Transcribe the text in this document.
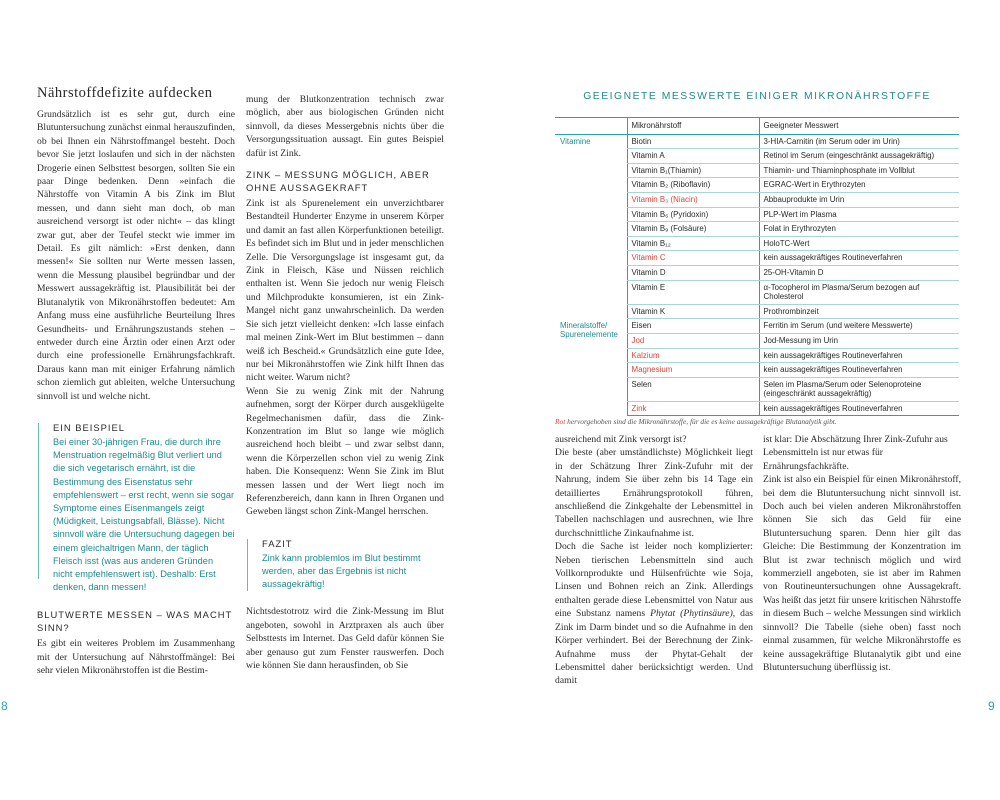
Nährstoffdefizite aufdecken

Grundsätzlich ist es sehr gut, durch eine Blutuntersuchung zunächst einmal herauszufinden, ob bei Ihnen ein Nährstoffmangel besteht. Doch bevor Sie jetzt loslaufen und sich in der nächsten Drogerie einen Selbsttest besorgen, sollten Sie ein paar Dinge bedenken. Denn »einfach die Nährstoffe von Vitamin A bis Zink im Blut messen, und dann sieht man doch, ob man ausreichend versorgt ist oder nicht« – das klingt zwar gut, aber der Teufel steckt wie immer im Detail. Es gilt nämlich: »Erst denken, dann messen!« Sie sollten nur Werte messen lassen, wenn die Messung plausibel begründbar und der Messwert aussagekräftig ist. Plausibilität bei der Blutanalytik von Mikronährstoffen bedeutet: Am Anfang muss eine ausführliche Beurteilung Ihres Gesundheits- und Ernährungszustands stehen – entweder durch eine Ärztin oder einen Arzt oder durch eine professionelle Ernährungsfachkraft. Daraus kann man mit einiger Erfahrung nämlich schon ziemlich gut ableiten, welche Untersuchung sinnvoll ist und welche nicht.

EIN BEISPIEL
Bei einer 30-jährigen Frau, die durch ihre Menstruation regelmäßig Blut verliert und die sich vegetarisch ernährt, ist die Bestimmung des Eisenstatus sehr empfehlenswert – erst recht, wenn sie sogar Symptome eines Eisenmangels zeigt (Müdigkeit, Leistungsabfall, Blässe). Nicht sinnvoll wäre die Untersuchung dagegen bei einem gleichaltrigen Mann, der täglich Fleisch isst (was aus anderen Gründen nicht empfehlenswert ist). Deshalb: Erst denken, dann messen!
BLUTWERTE MESSEN – WAS MACHT SINN?

Es gibt ein weiteres Problem im Zusammenhang mit der Untersuchung auf Nährstoffmängel: Bei sehr vielen Mikronährstoffen ist die Bestim-

mung der Blutkonzentration technisch zwar möglich, aber aus biologischen Gründen nicht sinnvoll, da dieses Messergebnis nichts über die Versorgungssituation aussagt. Ein gutes Beispiel dafür ist Zink.

ZINK – MESSUNG MÖGLICH, ABER OHNE AUSSAGEKRAFT

Zink ist als Spurenelement ein unverzichtbarer Bestandteil Hunderter Enzyme in unserem Körper und damit an fast allen Körperfunktionen beteiligt. Es befindet sich im Blut und in jeder menschlichen Zelle. Die Versorgungslage ist insgesamt gut, da Zink in Fleisch, Käse und Nüssen reichlich enthalten ist. Wenn Sie jedoch nur wenig Fleisch und Milchprodukte konsumieren, ist ein Zink-Mangel nicht ganz unwahrscheinlich. Da werden Sie sich jetzt vielleicht denken: »Ich lasse einfach mal meinen Zink-Wert im Blut bestimmen – dann weiß ich Bescheid.« Grundsätzlich eine gute Idee, nur bei Mikronährstoffen wie Zink hilft Ihnen das nicht weiter. Warum nicht?

Wenn Sie zu wenig Zink mit der Nahrung aufnehmen, sorgt der Körper durch ausgeklügelte Regelmechanismen dafür, dass die Zink-Konzentration im Blut so lange wie möglich ausreichend hoch bleibt – und zwar selbst dann, wenn die Körperzellen schon viel zu wenig Zink haben. Die Konsequenz: Wenn Sie Zink im Blut messen lassen und der Wert liegt noch im Referenzbereich, dann kann in Ihren Organen und Geweben längst schon Zink-Mangel herrschen.

FAZIT
Zink kann problemlos im Blut bestimmt werden, aber das Ergebnis ist nicht aussagekräftig!

Nichtsdestotrotz wird die Zink-Messung im Blut angeboten, sowohl in Arztpraxen als auch über Selbsttests im Internet. Das Geld dafür können Sie aber genauso gut zum Fenster rauswerfen. Doch wie können Sie dann herausfinden, ob Sie

8
GEEIGNETE MESSWERTE EINIGER MIKRONÄHRSTOFFE
	Mikronährstoff	Geeigneter Messwert
Vitamine	Biotin	3-HIA-Carnitin (im Serum oder im Urin)
	Vitamin A	Retinol im Serum (eingeschränkt aussagekräftig)
	Vitamin B₁(Thiamin)	Thiamin- und Thiaminphosphate im Vollblut
	Vitamin B₂ (Riboflavin)	EGRAC-Wert in Erythrozyten
	Vitamin B₃ (Niacin)	Abbauprodukte im Urin
	Vitamin B₆ (Pyridoxin)	PLP-Wert im Plasma
	Vitamin B₉ (Folsäure)	Folat in Erythrozyten
	Vitamin B₁₂	HoloTC-Wert
	Vitamin C	kein aussagekräftiges Routineverfahren
	Vitamin D	25-OH-Vitamin D
	Vitamin E	α-Tocopherol im Plasma/Serum bezogen auf Cholesterol
	Vitamin K	Prothrombinzeit
Mineralstoffe/ Spurenelemente	Eisen	Ferritin im Serum (und weitere Messwerte)
	Jod	Jod-Messung im Urin
	Kalzium	kein aussagekräftiges Routineverfahren
	Magnesium	kein aussagekräftiges Routineverfahren
	Selen	Selen im Plasma/Serum oder Selenoproteine (eingeschränkt aussagekräftig)
	Zink	kein aussagekräftiges Routineverfahren
Rot hervorgehoben sind die Mikronährstoffe, für die es keine aussagekräftige Blutanalytik gibt.

ausreichend mit Zink versorgt ist?

Die beste (aber umständlichste) Möglichkeit liegt in der Schätzung Ihrer Zink-Zufuhr mit der Nahrung, indem Sie über zehn bis 14 Tage ein detailliertes Ernährungsprotokoll führen, anschließend die Zinkgehalte der Lebensmittel in Tabellen nachschlagen und ausrechnen, wie Ihre durchschnittliche Zinkaufnahme ist.

Doch die Sache ist leider noch komplizierter: Neben tierischen Lebensmitteln sind auch Vollkornprodukte und Hülsenfrüchte wie Soja, Linsen und Bohnen reich an Zink. Allerdings enthalten gerade diese Lebensmittel von Natur aus eine Substanz namens Phytat (Phytinsäure), das Zink im Darm bindet und so die Aufnahme in den Körper verhindert. Bei der Berechnung der Zink-Aufnahme muss der Phytat-Gehalt der Lebensmittel daher berücksichtigt werden. Und damit

ist klar: Die Abschätzung Ihrer Zink-Zufuhr aus Lebensmitteln ist nur etwas für Ernährungsfachkräfte.

Zink ist also ein Beispiel für einen Mikronährstoff, bei dem die Blutuntersuchung nicht sinnvoll ist. Doch auch bei vielen anderen Mikronährstoffen können Sie sich das Geld für eine Blutuntersuchung sparen. Denn hier gilt das Gleiche: Die Bestimmung der Konzentration im Blut ist zwar technisch möglich und wird kommerziell angeboten, sie ist aber im Rahmen von Routineuntersuchungen ohne Aussagekraft. Was heißt das jetzt für unsere kritischen Nährstoffe in diesem Buch – welche Messungen sind wirklich sinnvoll? Die Tabelle (siehe oben) fasst noch einmal zusammen, für welche Mikronährstoffe es keine aussagekräftige Blutanalytik gibt und eine Blutuntersuchung überflüssig ist.

9
